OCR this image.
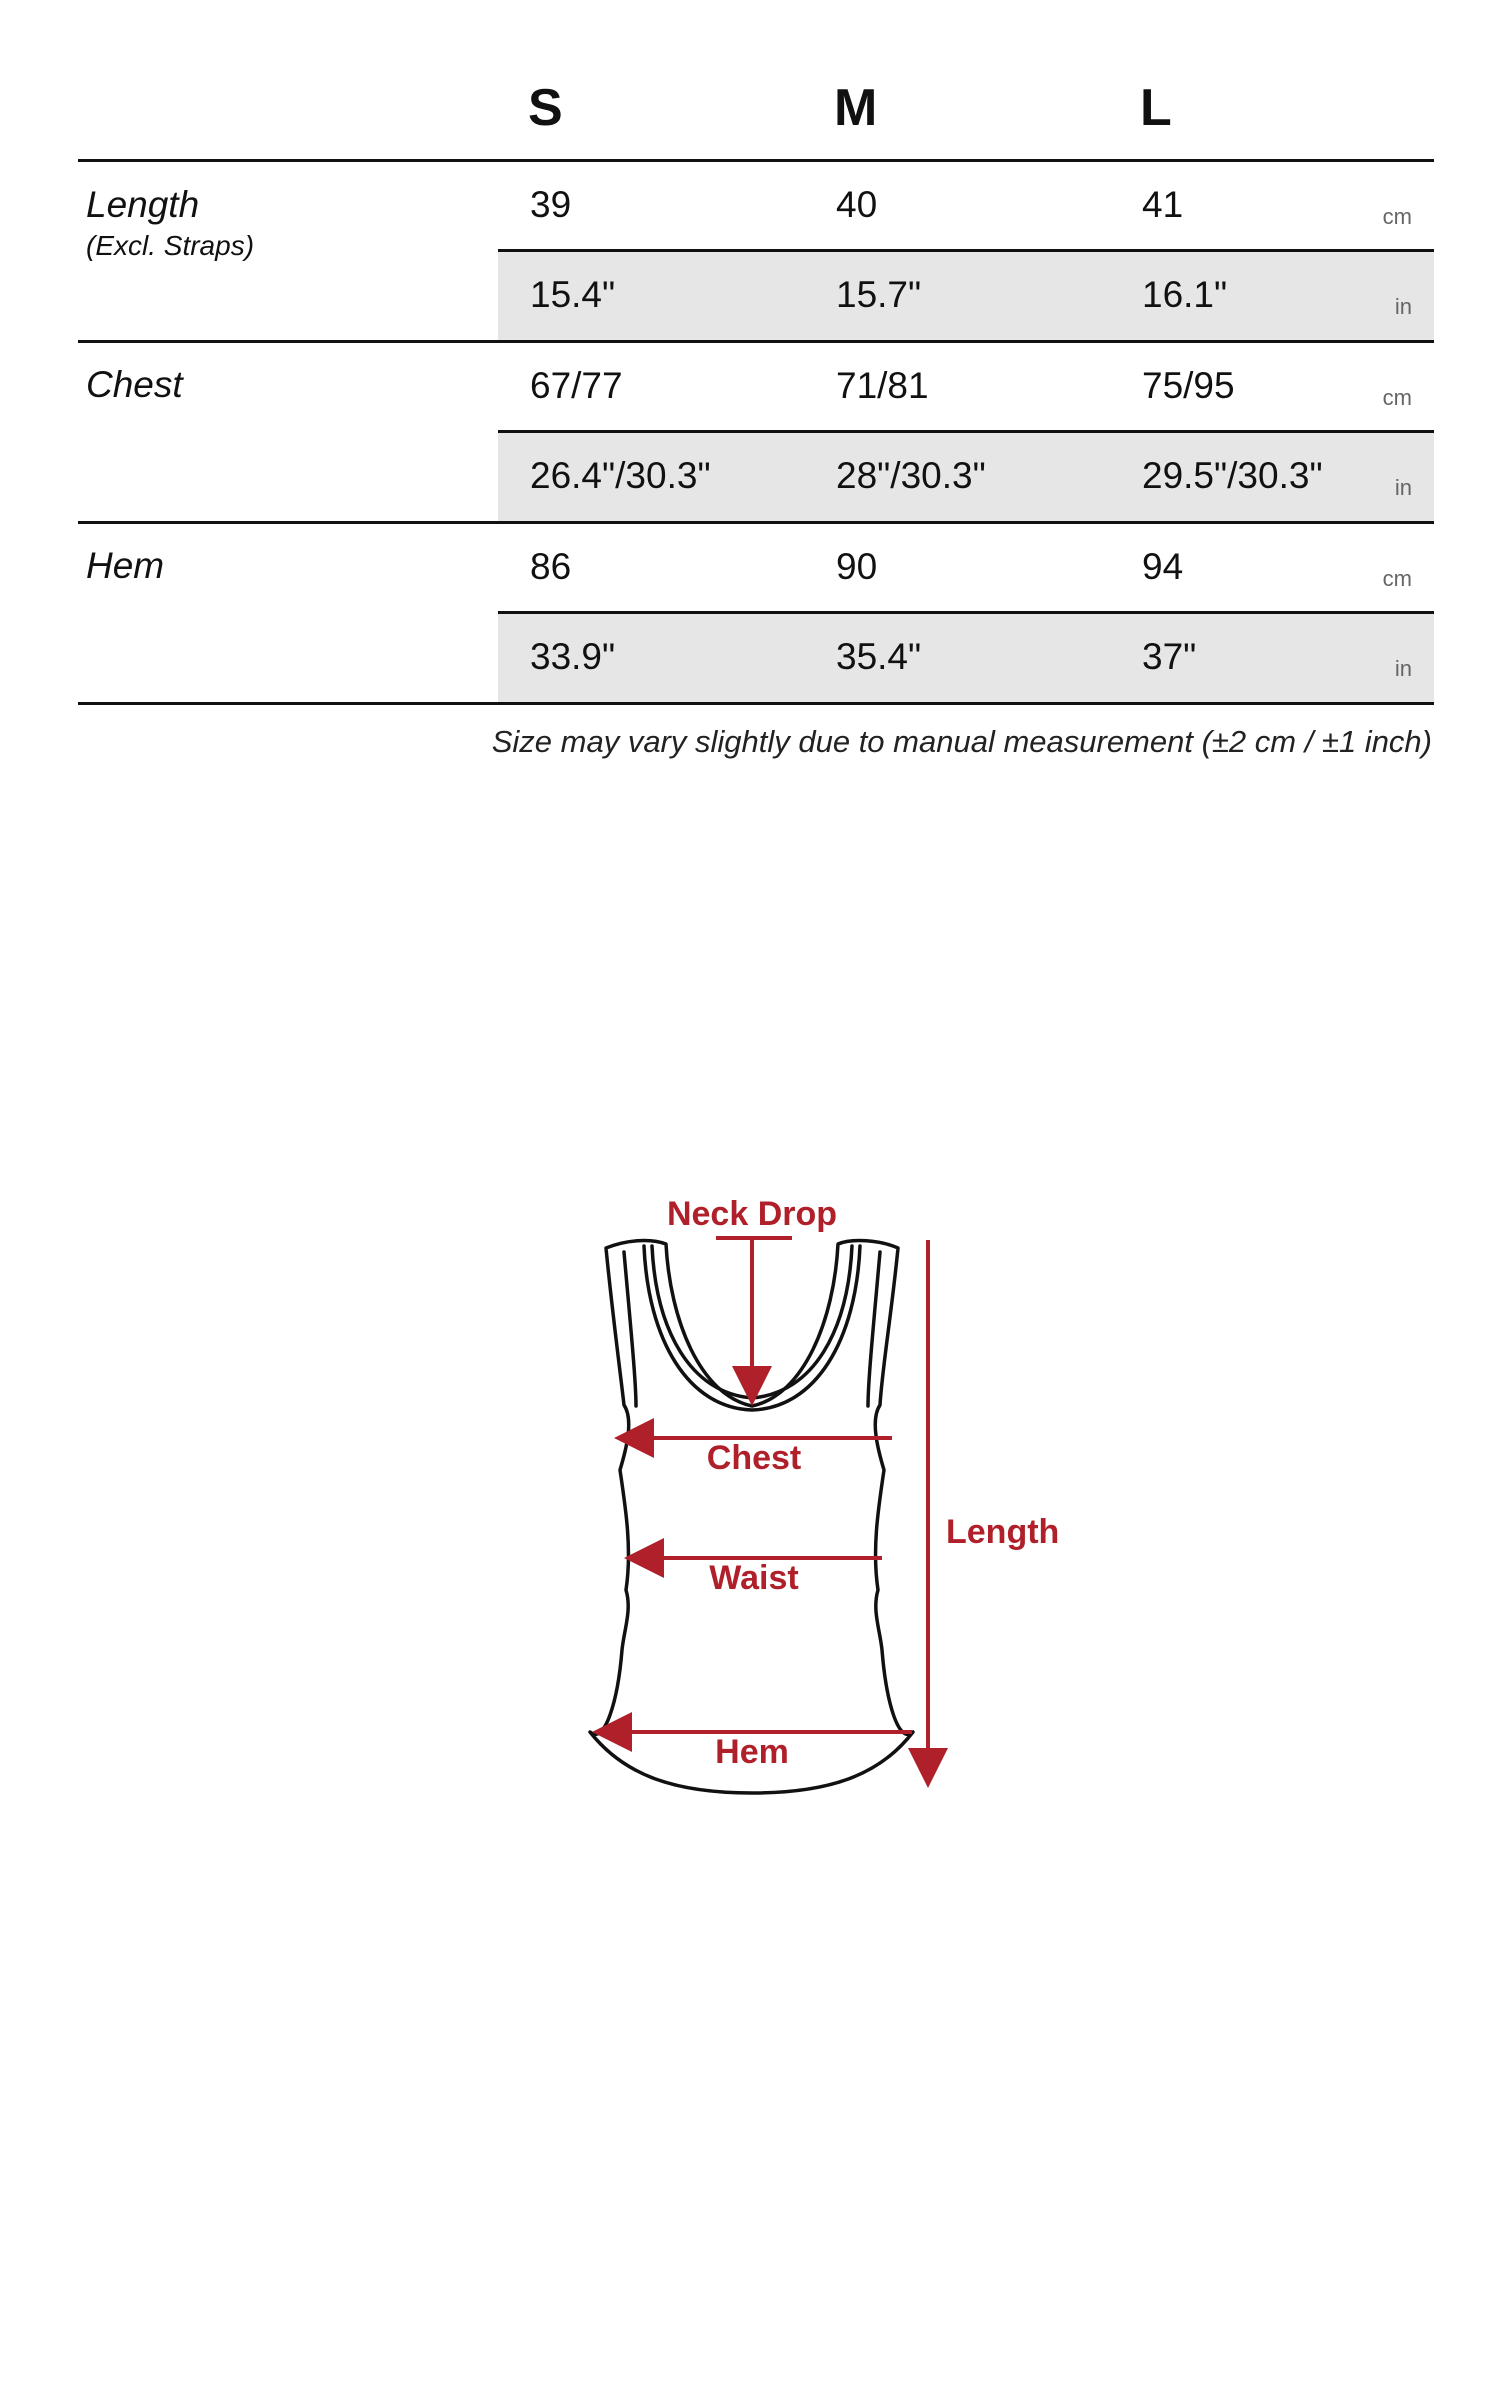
S	M	L
Length
(Excl. Straps)
39	40	41	cm
15.4"	15.7"	16.1"	in
Chest	67/77	71/81	75/95	cm
26.4"/30.3"	28"/30.3"	29.5"/30.3"	in
Hem	86	90	94	cm
33.9"	35.4"	37"	in
Size may vary slightly due to manual measurement (±2 cm / ±1 inch)
Neck Drop
Chest
Waist
Hem
Length
